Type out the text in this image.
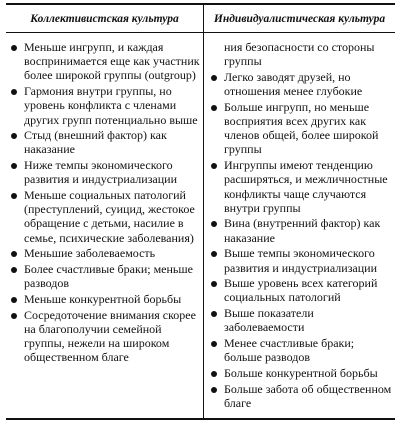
Коллективистская культура	Индивидуалистическая культура
Меньше ингрупп, и каждая воспринимается еще как участник более широкой группы (outgroup)
Гармония внутри группы, но уровень конфликта с членами других групп потенциально выше
Стыд (внешний фактор) как наказание
Ниже темпы экономического развития и индустриализации
Меньше социальных патологий (преступлений, суицид, жестокое обращение с детьми, насилие в семье, психические заболевания)
Меньшие заболеваемость
Более счастливые браки; меньше разводов
Меньше конкурентной борьбы
Сосредоточение внимания скорее на благополучии семейной группы, нежели на широком общественном благе
ния безопасности со стороны группы
Легко заводят друзей, но отношения менее глубокие
Больше ингрупп, но меньше восприятия всех других как членов общей, более широкой группы
Ингруппы имеют тенденцию расширяться, и межличностные конфликты чаще случаются внутри группы
Вина (внутренний фактор) как наказание
Выше темпы экономического развития и индустриализации
Выше уровень всех категорий социальных патологий
Выше показатели заболеваемости
Менее счастливые браки; больше разводов
Больше конкурентной борьбы
Больше забота об общественном благе
